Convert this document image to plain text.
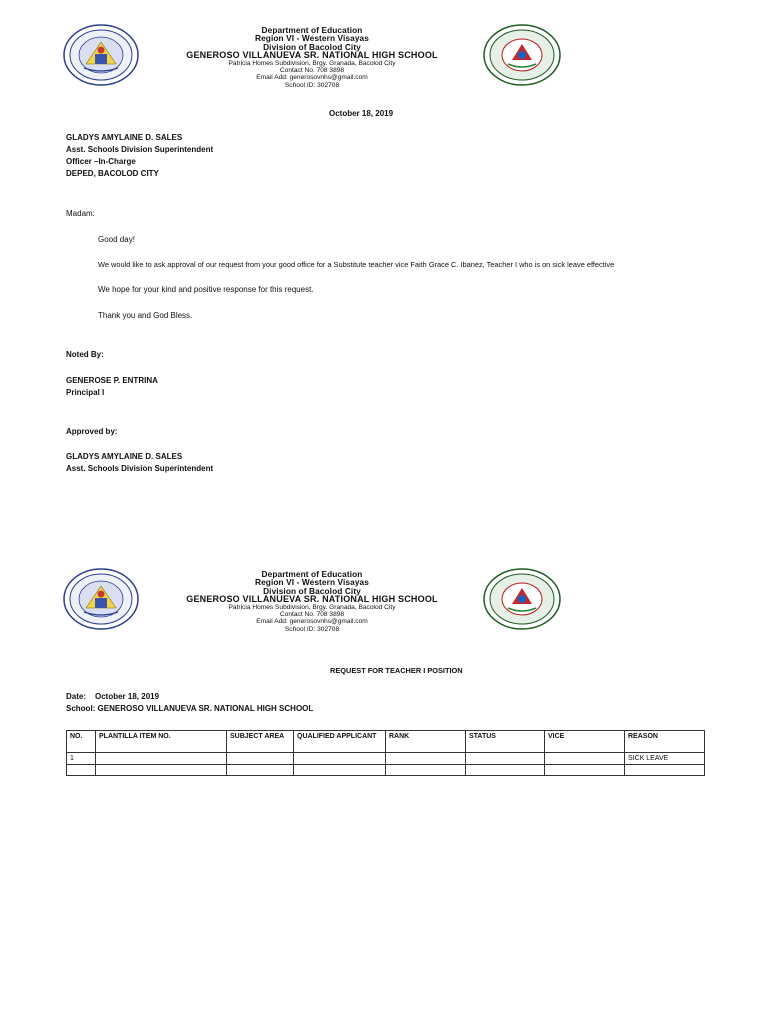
Department of Education
Region VI - Western Visayas
Division of Bacolod City
GENEROSO VILLANUEVA SR. NATIONAL HIGH SCHOOL
Patricia Homes Subdivision, Brgy. Granada, Bacolod City
Contact No. 708 3898
Email Add: generosovnhs@gmail.com
School ID: 302708
October 18, 2019
GLADYS AMYLAINE D. SALES
Asst. Schools Division Superintendent
Officer –In-Charge
DEPED, BACOLOD CITY
Madam:
Good day!
We would like to ask approval of our request from your good office for a Substitute teacher vice Faith Grace C. Ibanez, Teacher I who is on sick leave effective
We hope for your kind and positive response for this request.
Thank you and God Bless.
Noted By:
GENEROSE P. ENTRINA
Principal I
Approved by:
GLADYS AMYLAINE D. SALES
Asst. Schools Division Superintendent
Department of Education
Region VI - Western Visayas
Division of Bacolod City
GENEROSO VILLANUEVA SR. NATIONAL HIGH SCHOOL
Patricia Homes Subdivision, Brgy. Granada, Bacolod City
Contact No. 708 3898
Email Add: generosovnhs@gmail.com
School ID: 302708
REQUEST FOR TEACHER I POSITION
Date: October 18, 2019
School: GENEROSO VILLANUEVA SR. NATIONAL HIGH SCHOOL
NO.	PLANTILLA ITEM NO.	SUBJECT AREA	QUALIFIED APPLICANT	RANK	STATUS	VICE	REASON
1							SICK LEAVE
